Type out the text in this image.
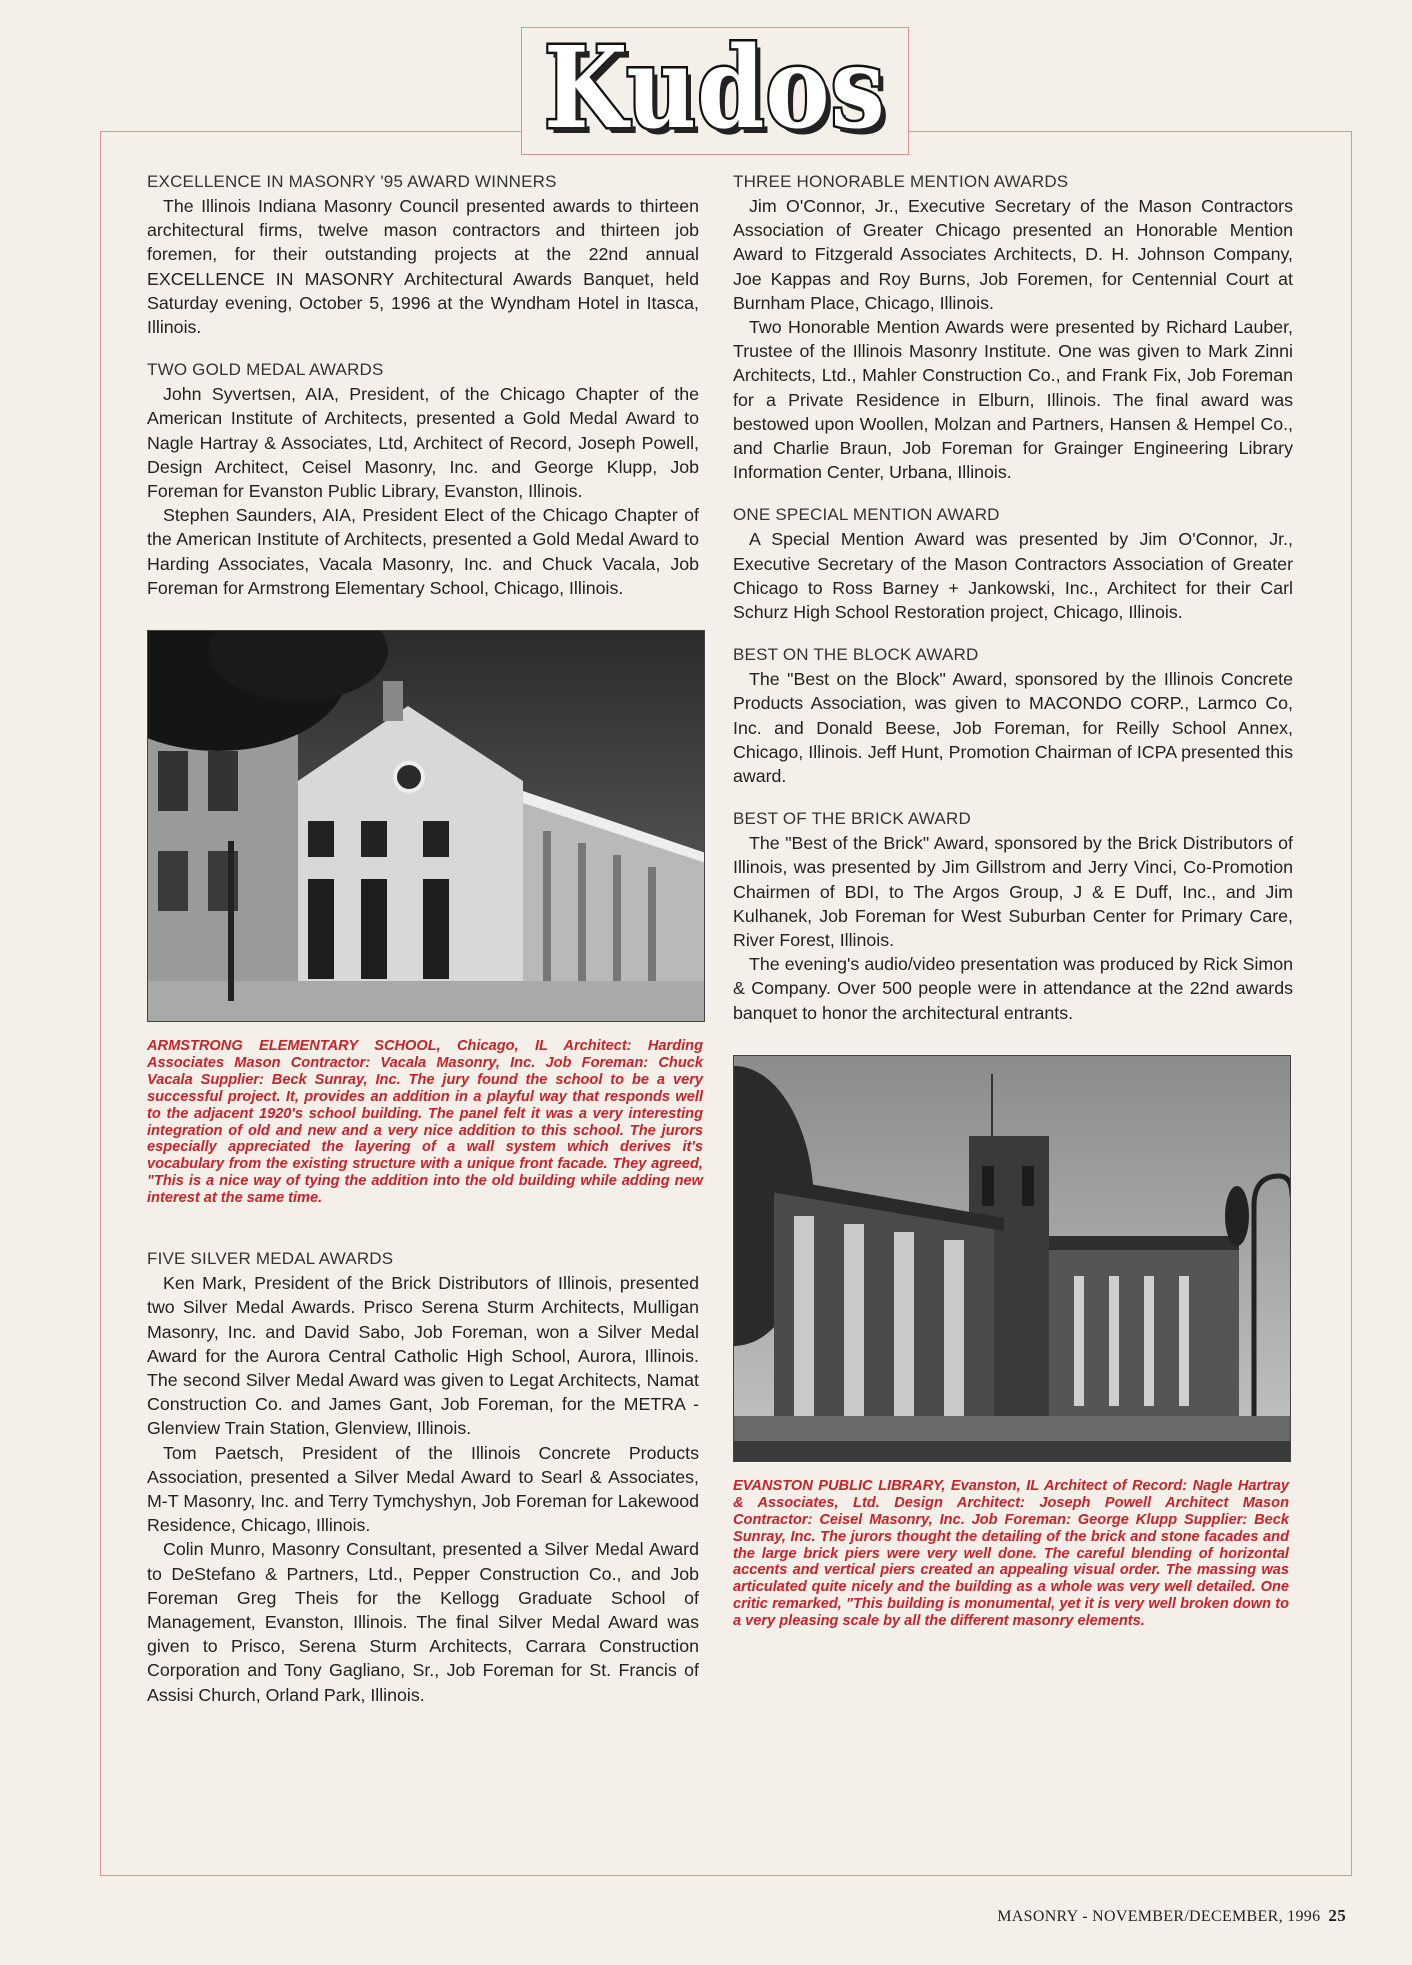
Kudos
EXCELLENCE IN MASONRY '95 AWARD WINNERS

The Illinois Indiana Masonry Council presented awards to thirteen architectural firms, twelve mason contractors and thirteen job foremen, for their outstanding projects at the 22nd annual EXCELLENCE IN MASONRY Architectural Awards Banquet, held Saturday evening, October 5, 1996 at the Wyndham Hotel in Itasca, Illinois.

TWO GOLD MEDAL AWARDS

John Syvertsen, AIA, President, of the Chicago Chapter of the American Institute of Architects, presented a Gold Medal Award to Nagle Hartray & Associates, Ltd, Architect of Record, Joseph Powell, Design Architect, Ceisel Masonry, Inc. and George Klupp, Job Foreman for Evanston Public Library, Evanston, Illinois.

Stephen Saunders, AIA, President Elect of the Chicago Chapter of the American Institute of Architects, presented a Gold Medal Award to Harding Associates, Vacala Masonry, Inc. and Chuck Vacala, Job Foreman for Armstrong Elementary School, Chicago, Illinois.

ARMSTRONG ELEMENTARY SCHOOL, Chicago, IL Architect: Harding Associates Mason Contractor: Vacala Masonry, Inc. Job Foreman: Chuck Vacala Supplier: Beck Sunray, Inc. The jury found the school to be a very successful project. It, provides an addition in a playful way that responds well to the adjacent 1920's school building. The panel felt it was a very interesting integration of old and new and a very nice addition to this school. The jurors especially appreciated the layering of a wall system which derives it's vocabulary from the existing structure with a unique front facade. They agreed, "This is a nice way of tying the addition into the old building while adding new interest at the same time.
FIVE SILVER MEDAL AWARDS

Ken Mark, President of the Brick Distributors of Illinois, presented two Silver Medal Awards. Prisco Serena Sturm Architects, Mulligan Masonry, Inc. and David Sabo, Job Foreman, won a Silver Medal Award for the Aurora Central Catholic High School, Aurora, Illinois. The second Silver Medal Award was given to Legat Architects, Namat Construction Co. and James Gant, Job Foreman, for the METRA - Glenview Train Station, Glenview, Illinois.

Tom Paetsch, President of the Illinois Concrete Products Association, presented a Silver Medal Award to Searl & Associates, M-T Masonry, Inc. and Terry Tymchyshyn, Job Foreman for Lakewood Residence, Chicago, Illinois.

Colin Munro, Masonry Consultant, presented a Silver Medal Award to DeStefano & Partners, Ltd., Pepper Construction Co., and Job Foreman Greg Theis for the Kellogg Graduate School of Management, Evanston, Illinois. The final Silver Medal Award was given to Prisco, Serena Sturm Architects, Carrara Construction Corporation and Tony Gagliano, Sr., Job Foreman for St. Francis of Assisi Church, Orland Park, Illinois.

THREE HONORABLE MENTION AWARDS

Jim O'Connor, Jr., Executive Secretary of the Mason Contractors Association of Greater Chicago presented an Honorable Mention Award to Fitzgerald Associates Architects, D. H. Johnson Company, Joe Kappas and Roy Burns, Job Foremen, for Centennial Court at Burnham Place, Chicago, Illinois.

Two Honorable Mention Awards were presented by Richard Lauber, Trustee of the Illinois Masonry Institute. One was given to Mark Zinni Architects, Ltd., Mahler Construction Co., and Frank Fix, Job Foreman for a Private Residence in Elburn, Illinois. The final award was bestowed upon Woollen, Molzan and Partners, Hansen & Hempel Co., and Charlie Braun, Job Foreman for Grainger Engineering Library Information Center, Urbana, Illinois.

ONE SPECIAL MENTION AWARD

A Special Mention Award was presented by Jim O'Connor, Jr., Executive Secretary of the Mason Contractors Association of Greater Chicago to Ross Barney + Jankowski, Inc., Architect for their Carl Schurz High School Restoration project, Chicago, Illinois.

BEST ON THE BLOCK AWARD

The "Best on the Block" Award, sponsored by the Illinois Concrete Products Association, was given to MACONDO CORP., Larmco Co, Inc. and Donald Beese, Job Foreman, for Reilly School Annex, Chicago, Illinois. Jeff Hunt, Promotion Chairman of ICPA presented this award.

BEST OF THE BRICK AWARD

The "Best of the Brick" Award, sponsored by the Brick Distributors of Illinois, was presented by Jim Gillstrom and Jerry Vinci, Co-Promotion Chairmen of BDI, to The Argos Group, J & E Duff, Inc., and Jim Kulhanek, Job Foreman for West Suburban Center for Primary Care, River Forest, Illinois.

The evening's audio/video presentation was produced by Rick Simon & Company. Over 500 people were in attendance at the 22nd awards banquet to honor the architectural entrants.

EVANSTON PUBLIC LIBRARY, Evanston, IL Architect of Record: Nagle Hartray & Associates, Ltd. Design Architect: Joseph Powell Architect Mason Contractor: Ceisel Masonry, Inc. Job Foreman: George Klupp Supplier: Beck Sunray, Inc. The jurors thought the detailing of the brick and stone facades and the large brick piers were very well done. The careful blending of horizontal accents and vertical piers created an appealing visual order. The massing was articulated quite nicely and the building as a whole was very well detailed. One critic remarked, "This building is monumental, yet it is very well broken down to a very pleasing scale by all the different masonry elements.
MASONRY - NOVEMBER/DECEMBER, 1996 25
